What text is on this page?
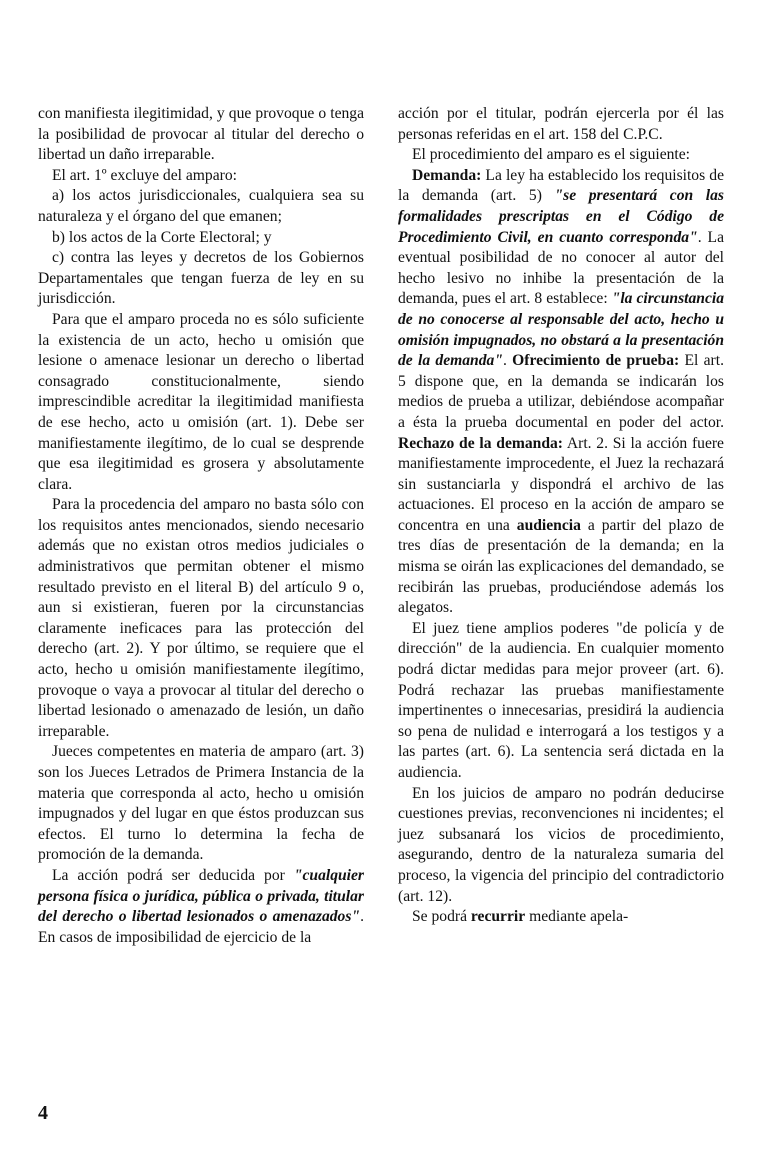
con manifiesta ilegitimidad, y que provoque o tenga la posibilidad de provocar al titular del derecho o libertad un daño irreparable.

El art. 1º excluye del amparo:

a) los actos jurisdiccionales, cualquiera sea su naturaleza y el órgano del que emanen;

b) los actos de la Corte Electoral; y

c) contra las leyes y decretos de los Gobiernos Departamentales que tengan fuerza de ley en su jurisdicción.

Para que el amparo proceda no es sólo suficiente la existencia de un acto, hecho u omisión que lesione o amenace lesionar un derecho o libertad consagrado constitucionalmente, siendo imprescindible acreditar la ilegitimidad manifiesta de ese hecho, acto u omisión (art. 1). Debe ser manifiestamente ilegítimo, de lo cual se desprende que esa ilegitimidad es grosera y absolutamente clara.

Para la procedencia del amparo no basta sólo con los requisitos antes mencionados, siendo necesario además que no existan otros medios judiciales o administrativos que permitan obtener el mismo resultado previsto en el literal B) del artículo 9 o, aun si existieran, fueren por la circunstancias claramente ineficaces para las protección del derecho (art. 2). Y por último, se requiere que el acto, hecho u omisión manifiestamente ilegítimo, provoque o vaya a provocar al titular del derecho o libertad lesionado o amenazado de lesión, un daño irreparable.

Jueces competentes en materia de amparo (art. 3) son los Jueces Letrados de Primera Instancia de la materia que corresponda al acto, hecho u omisión impugnados y del lugar en que éstos produzcan sus efectos. El turno lo determina la fecha de promoción de la demanda.

La acción podrá ser deducida por "cualquier persona física o jurídica, pública o privada, titular del derecho o libertad lesionados o amenazados". En casos de imposibilidad de ejercicio de la

acción por el titular, podrán ejercerla por él las personas referidas en el art. 158 del C.P.C.

El procedimiento del amparo es el siguiente:

Demanda: La ley ha establecido los requisitos de la demanda (art. 5) "se presentará con las formalidades prescriptas en el Código de Procedimiento Civil, en cuanto corresponda". La eventual posibilidad de no conocer al autor del hecho lesivo no inhibe la presentación de la demanda, pues el art. 8 establece: "la circunstancia de no conocerse al responsable del acto, hecho u omisión impugnados, no obstará a la presentación de la demanda". Ofrecimiento de prueba: El art. 5 dispone que, en la demanda se indicarán los medios de prueba a utilizar, debiéndose acompañar a ésta la prueba documental en poder del actor. Rechazo de la demanda: Art. 2. Si la acción fuere manifiestamente improcedente, el Juez la rechazará sin sustanciarla y dispondrá el archivo de las actuaciones. El proceso en la acción de amparo se concentra en una audiencia a partir del plazo de tres días de presentación de la demanda; en la misma se oirán las explicaciones del demandado, se recibirán las pruebas, produciéndose además los alegatos.

El juez tiene amplios poderes "de policía y de dirección" de la audiencia. En cualquier momento podrá dictar medidas para mejor proveer (art. 6). Podrá rechazar las pruebas manifiestamente impertinentes o innecesarias, presidirá la audiencia so pena de nulidad e interrogará a los testigos y a las partes (art. 6). La sentencia será dictada en la audiencia.

En los juicios de amparo no podrán deducirse cuestiones previas, reconvenciones ni incidentes; el juez subsanará los vicios de procedimiento, asegurando, dentro de la naturaleza sumaria del proceso, la vigencia del principio del contradictorio (art. 12).

Se podrá recurrir mediante apela-

4
